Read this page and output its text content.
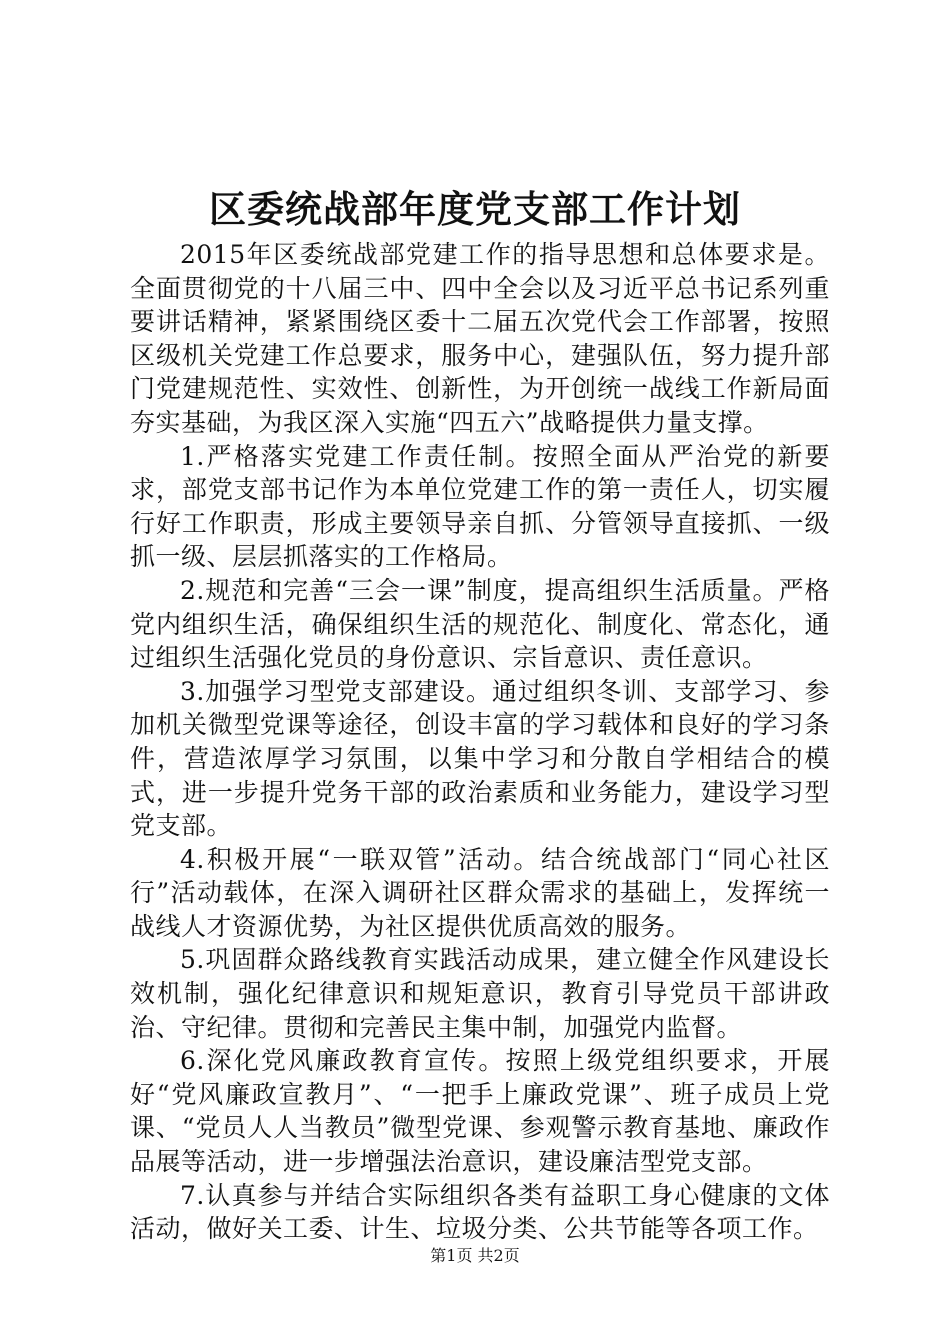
区委统战部年度党支部工作计划

2015年区委统战部党建工作的指导思想和总体要求是。全面贯彻党的十八届三中、四中全会以及习近平总书记系列重要讲话精神，紧紧围绕区委十二届五次党代会工作部署，按照区级机关党建工作总要求，服务中心，建强队伍，努力提升部门党建规范性、实效性、创新性，为开创统一战线工作新局面夯实基础，为我区深入实施“四五六”战略提供力量支撑。

1.严格落实党建工作责任制。按照全面从严治党的新要求，部党支部书记作为本单位党建工作的第一责任人，切实履行好工作职责，形成主要领导亲自抓、分管领导直接抓、一级抓一级、层层抓落实的工作格局。

2.规范和完善“三会一课”制度，提高组织生活质量。严格党内组织生活，确保组织生活的规范化、制度化、常态化，通过组织生活强化党员的身份意识、宗旨意识、责任意识。

3.加强学习型党支部建设。通过组织冬训、支部学习、参加机关微型党课等途径，创设丰富的学习载体和良好的学习条件，营造浓厚学习氛围，以集中学习和分散自学相结合的模式，进一步提升党务干部的政治素质和业务能力，建设学习型党支部。

4.积极开展“一联双管”活动。结合统战部门“同心社区行”活动载体，在深入调研社区群众需求的基础上，发挥统一战线人才资源优势，为社区提供优质高效的服务。

5.巩固群众路线教育实践活动成果，建立健全作风建设长效机制，强化纪律意识和规矩意识，教育引导党员干部讲政治、守纪律。贯彻和完善民主集中制，加强党内监督。

6.深化党风廉政教育宣传。按照上级党组织要求，开展好“党风廉政宣教月”、“一把手上廉政党课”、班子成员上党课、“党员人人当教员”微型党课、参观警示教育基地、廉政作品展等活动，进一步增强法治意识，建设廉洁型党支部。

7.认真参与并结合实际组织各类有益职工身心健康的文体活动，做好关工委、计生、垃圾分类、公共节能等各项工作。

第1页 共2页
